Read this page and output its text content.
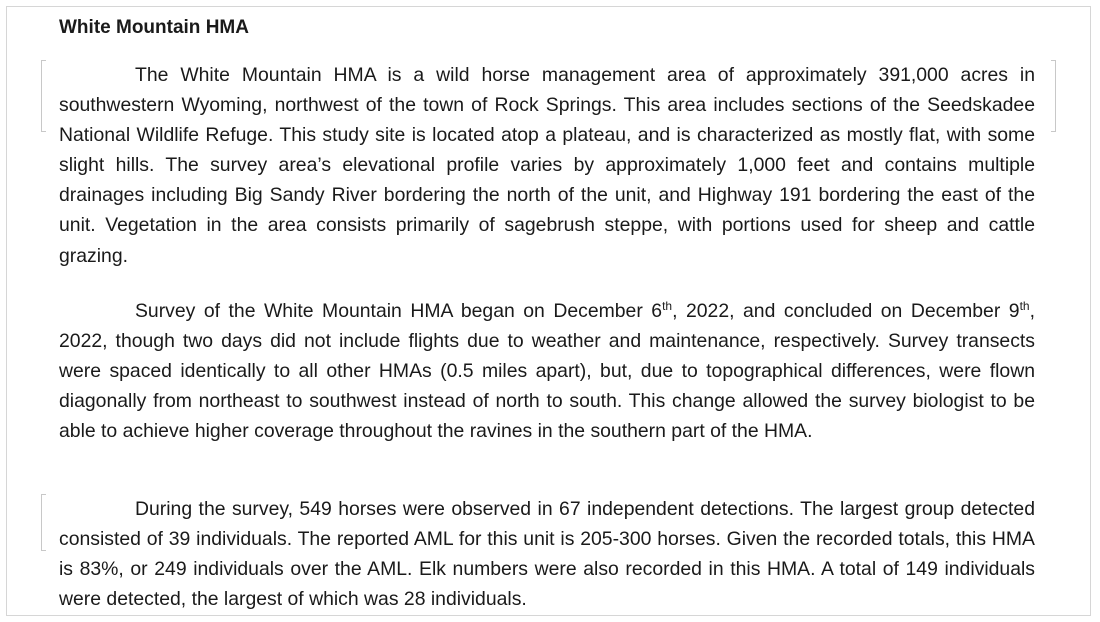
White Mountain HMA

The White Mountain HMA is a wild horse management area of approximately 391,000 acres in southwestern Wyoming, northwest of the town of Rock Springs. This area includes sections of the Seedskadee National Wildlife Refuge. This study site is located atop a plateau, and is characterized as mostly flat, with some slight hills. The survey area’s elevational profile varies by approximately 1,000 feet and contains multiple drainages including Big Sandy River bordering the north of the unit, and Highway 191 bordering the east of the unit. Vegetation in the area consists primarily of sagebrush steppe, with portions used for sheep and cattle grazing.

Survey of the White Mountain HMA began on December 6th, 2022, and concluded on December 9th, 2022, though two days did not include flights due to weather and maintenance, respectively. Survey transects were spaced identically to all other HMAs (0.5 miles apart), but, due to topographical differences, were flown diagonally from northeast to southwest instead of north to south. This change allowed the survey biologist to be able to achieve higher coverage throughout the ravines in the southern part of the HMA.

During the survey, 549 horses were observed in 67 independent detections. The largest group detected consisted of 39 individuals. The reported AML for this unit is 205-300 horses. Given the recorded totals, this HMA is 83%, or 249 individuals over the AML. Elk numbers were also recorded in this HMA. A total of 149 individuals were detected, the largest of which was 28 individuals.
